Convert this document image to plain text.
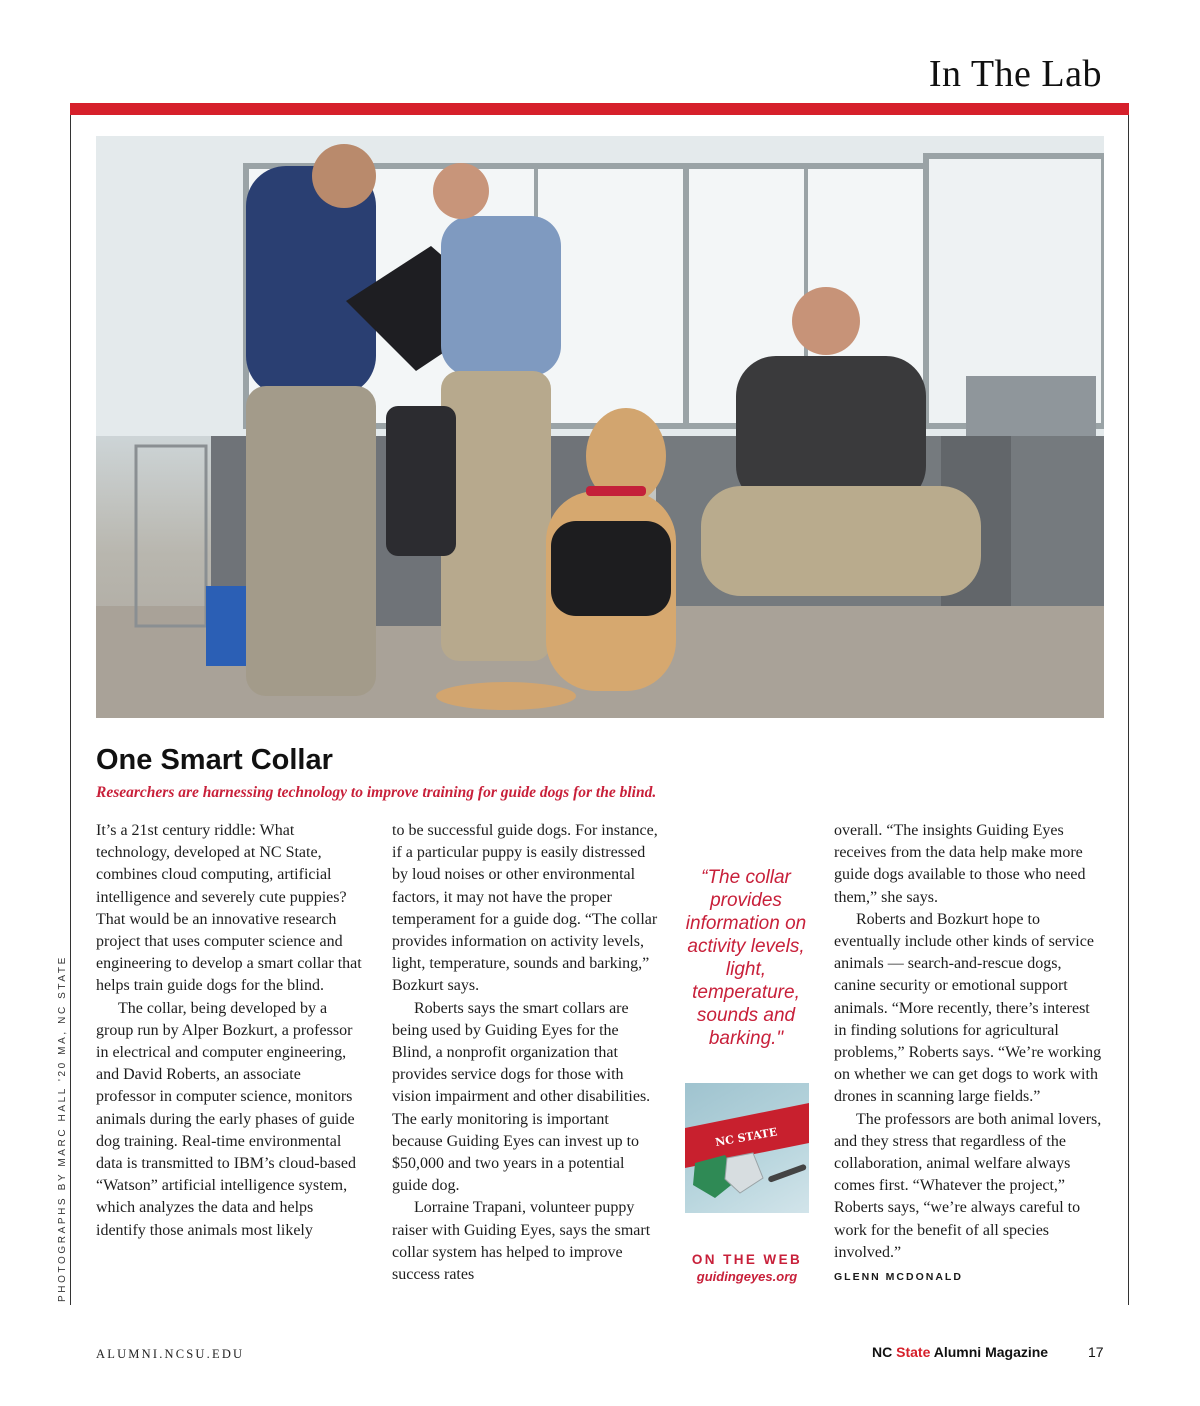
In The Lab
PHOTOGRAPHS BY MARC HALL '20 MA, NC STATE
One Smart Collar
Researchers are harnessing technology to improve training for guide dogs for the blind.

It’s a 21st century riddle: What technology, developed at NC State, combines cloud computing, artificial intelligence and severely cute puppies? That would be an innovative research project that uses computer science and engineering to develop a smart collar that helps train guide dogs for the blind.

The collar, being developed by a group run by Alper Bozkurt, a professor in electrical and computer engineering, and David Roberts, an associate professor in computer science, monitors animals during the early phases of guide dog training. Real-time environmental data is transmitted to IBM’s cloud-based “Watson” artificial intelligence system, which analyzes the data and helps identify those animals most likely

to be successful guide dogs. For instance, if a particular puppy is easily distressed by loud noises or other environmental factors, it may not have the proper temperament for a guide dog. “The collar provides information on activity levels, light, temperature, sounds and barking,” Bozkurt says.

Roberts says the smart collars are being used by Guiding Eyes for the Blind, a nonprofit organization that provides service dogs for those with vision impairment and other disabilities. The early monitoring is important because Guiding Eyes can invest up to $50,000 and two years in a potential guide dog.

Lorraine Trapani, volunteer puppy raiser with Guiding Eyes, says the smart collar system has helped to improve success rates

“The collar provides information on activity levels, light, temperature, sounds and barking."
NC STATE
ON THE WEB
guidingeyes.org

overall. “The insights Guiding Eyes receives from the data help make more guide dogs available to those who need them,” she says.

Roberts and Bozkurt hope to eventually include other kinds of service animals — search-and-rescue dogs, canine security or emotional support animals. “More recently, there’s interest in finding solutions for agricultural problems,” Roberts says. “We’re working on whether we can get dogs to work with drones in scanning large fields.”

The professors are both animal lovers, and they stress that regardless of the collaboration, animal welfare always comes first. “Whatever the project,” Roberts says, “we’re always careful to work for the benefit of all species involved.”

GLENN MCDONALD
ALUMNI.NCSU.EDU	NC State Alumni Magazine	17
